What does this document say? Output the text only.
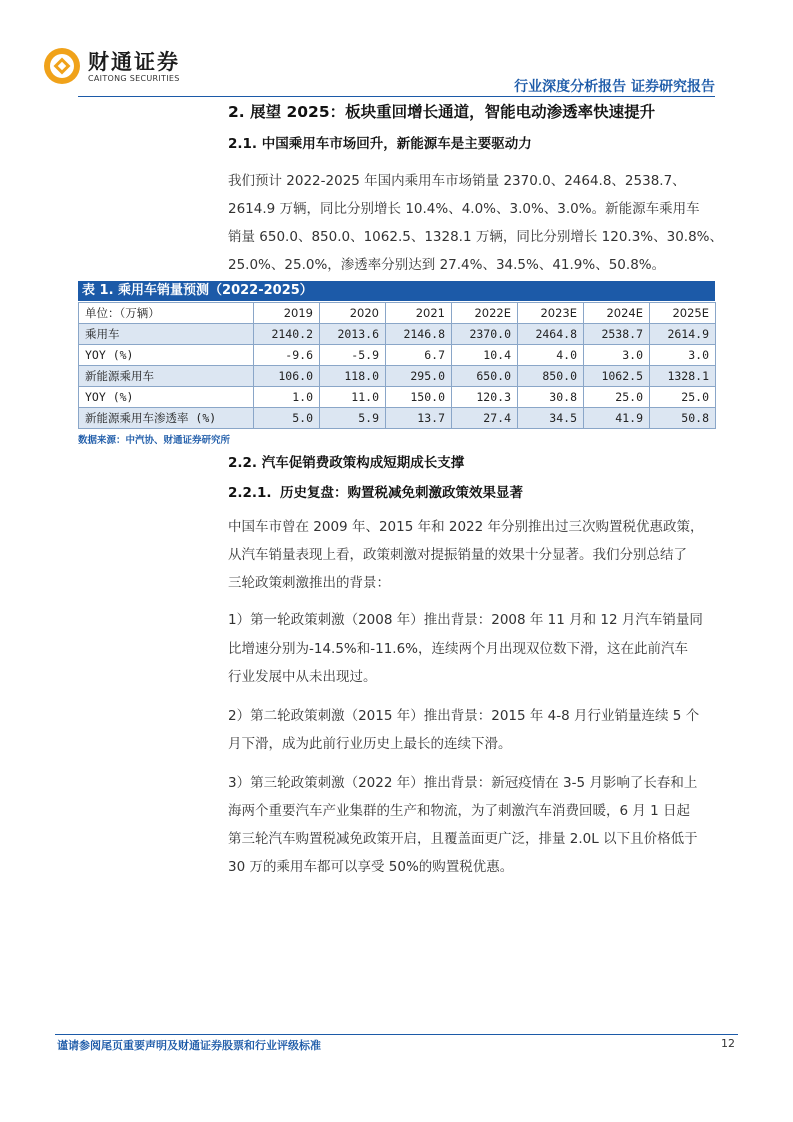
财通证券
CAITONG SECURITIES
行业深度分析报告 证券研究报告
2. 展望 2025：板块重回增长通道，智能电动渗透率快速提升
2.1. 中国乘用车市场回升，新能源车是主要驱动力
我们预计 2022-2025 年国内乘用车市场销量 2370.0、2464.8、2538.7、
2614.9 万辆，同比分别增长 10.4%、4.0%、3.0%、3.0%。新能源车乘用车
销量 650.0、850.0、1062.5、1328.1 万辆，同比分别增长 120.3%、30.8%、
25.0%、25.0%，渗透率分别达到 27.4%、34.5%、41.9%、50.8%。
表 1. 乘用车销量预测（2022-2025）
单位：（万辆）	2019	2020	2021	2022E	2023E	2024E	2025E
乘用车	2140.2	2013.6	2146.8	2370.0	2464.8	2538.7	2614.9
YOY (%)	-9.6	-5.9	6.7	10.4	4.0	3.0	3.0
新能源乘用车	106.0	118.0	295.0	650.0	850.0	1062.5	1328.1
YOY (%)	1.0	11.0	150.0	120.3	30.8	25.0	25.0
新能源乘用车渗透率 (%)	5.0	5.9	13.7	27.4	34.5	41.9	50.8
数据来源：中汽协、财通证券研究所
2.2. 汽车促销费政策构成短期成长支撑
2.2.1. 历史复盘：购置税减免刺激政策效果显著
中国车市曾在 2009 年、2015 年和 2022 年分别推出过三次购置税优惠政策，
从汽车销量表现上看，政策刺激对提振销量的效果十分显著。我们分别总结了
三轮政策刺激推出的背景：
1）第一轮政策刺激（2008 年）推出背景：2008 年 11 月和 12 月汽车销量同
比增速分别为-14.5%和-11.6%，连续两个月出现双位数下滑，这在此前汽车
行业发展中从未出现过。
2）第二轮政策刺激（2015 年）推出背景：2015 年 4-8 月行业销量连续 5 个
月下滑，成为此前行业历史上最长的连续下滑。
3）第三轮政策刺激（2022 年）推出背景：新冠疫情在 3-5 月影响了长春和上
海两个重要汽车产业集群的生产和物流，为了刺激汽车消费回暖，6 月 1 日起
第三轮汽车购置税减免政策开启，且覆盖面更广泛，排量 2.0L 以下且价格低于
30 万的乘用车都可以享受 50%的购置税优惠。
谨请参阅尾页重要声明及财通证券股票和行业评级标准	12
